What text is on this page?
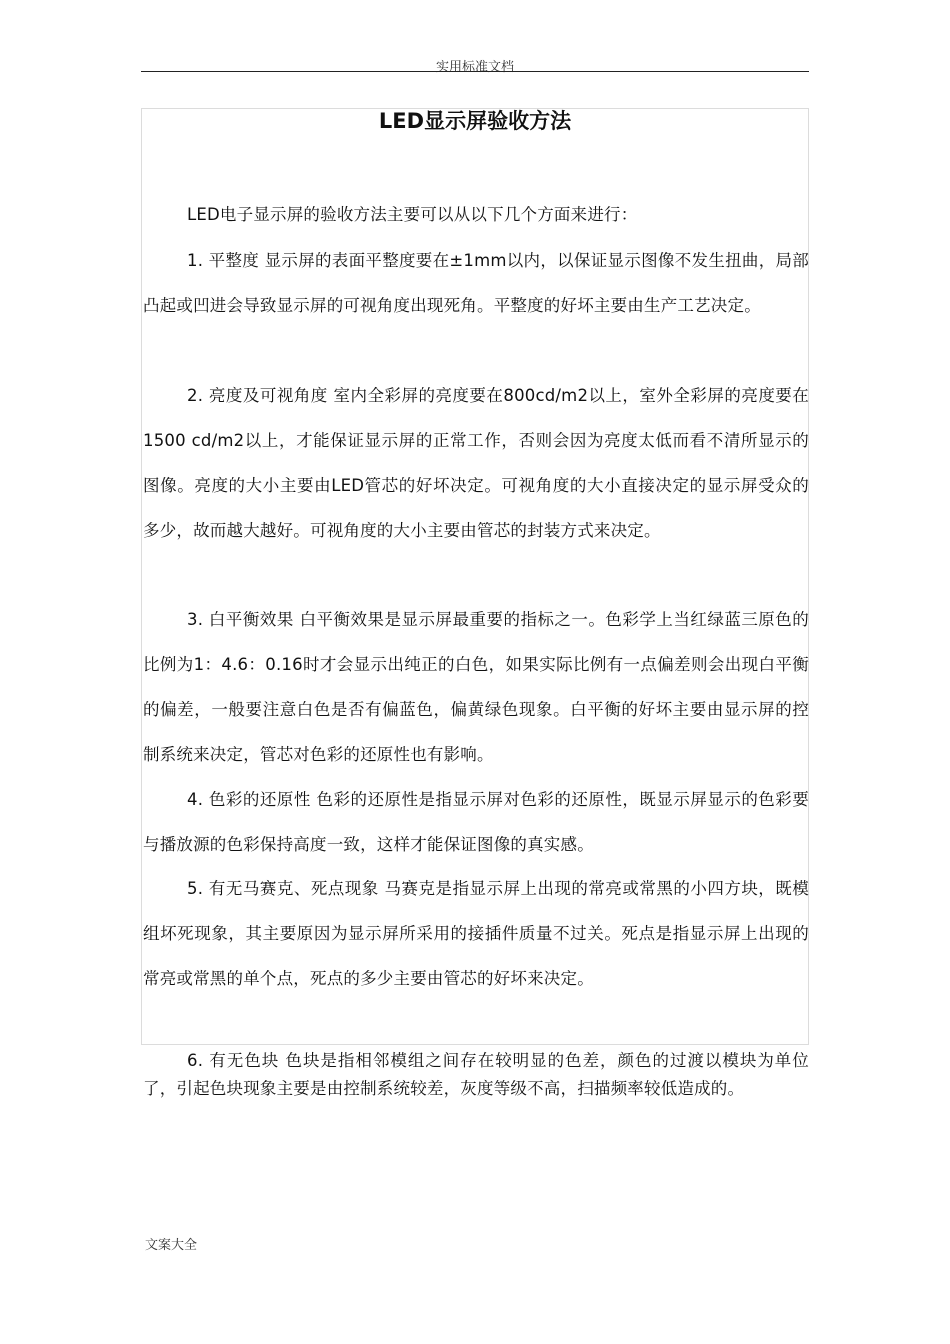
实用标准文档
LED显示屏验收方法

LED电子显示屏的验收方法主要可以从以下几个方面来进行：

1. 平整度 显示屏的表面平整度要在±1mm以内，以保证显示图像不发生扭曲，局部凸起或凹进会导致显示屏的可视角度出现死角。平整度的好坏主要由生产工艺决定。

2. 亮度及可视角度 室内全彩屏的亮度要在800cd/m2以上，室外全彩屏的亮度要在1500 cd/m2以上，才能保证显示屏的正常工作，否则会因为亮度太低而看不清所显示的图像。亮度的大小主要由LED管芯的好坏决定。可视角度的大小直接决定的显示屏受众的多少，故而越大越好。可视角度的大小主要由管芯的封装方式来决定。

3. 白平衡效果 白平衡效果是显示屏最重要的指标之一。色彩学上当红绿蓝三原色的比例为1：4.6：0.16时才会显示出纯正的白色，如果实际比例有一点偏差则会出现白平衡的偏差，一般要注意白色是否有偏蓝色，偏黄绿色现象。白平衡的好坏主要由显示屏的控制系统来决定，管芯对色彩的还原性也有影响。

4. 色彩的还原性 色彩的还原性是指显示屏对色彩的还原性，既显示屏显示的色彩要与播放源的色彩保持高度一致，这样才能保证图像的真实感。

5. 有无马赛克、死点现象 马赛克是指显示屏上出现的常亮或常黑的小四方块，既模组坏死现象，其主要原因为显示屏所采用的接插件质量不过关。死点是指显示屏上出现的常亮或常黑的单个点，死点的多少主要由管芯的好坏来决定。

6. 有无色块 色块是指相邻模组之间存在较明显的色差，颜色的过渡以模块为单位了，引起色块现象主要是由控制系统较差，灰度等级不高，扫描频率较低造成的。

文案大全
